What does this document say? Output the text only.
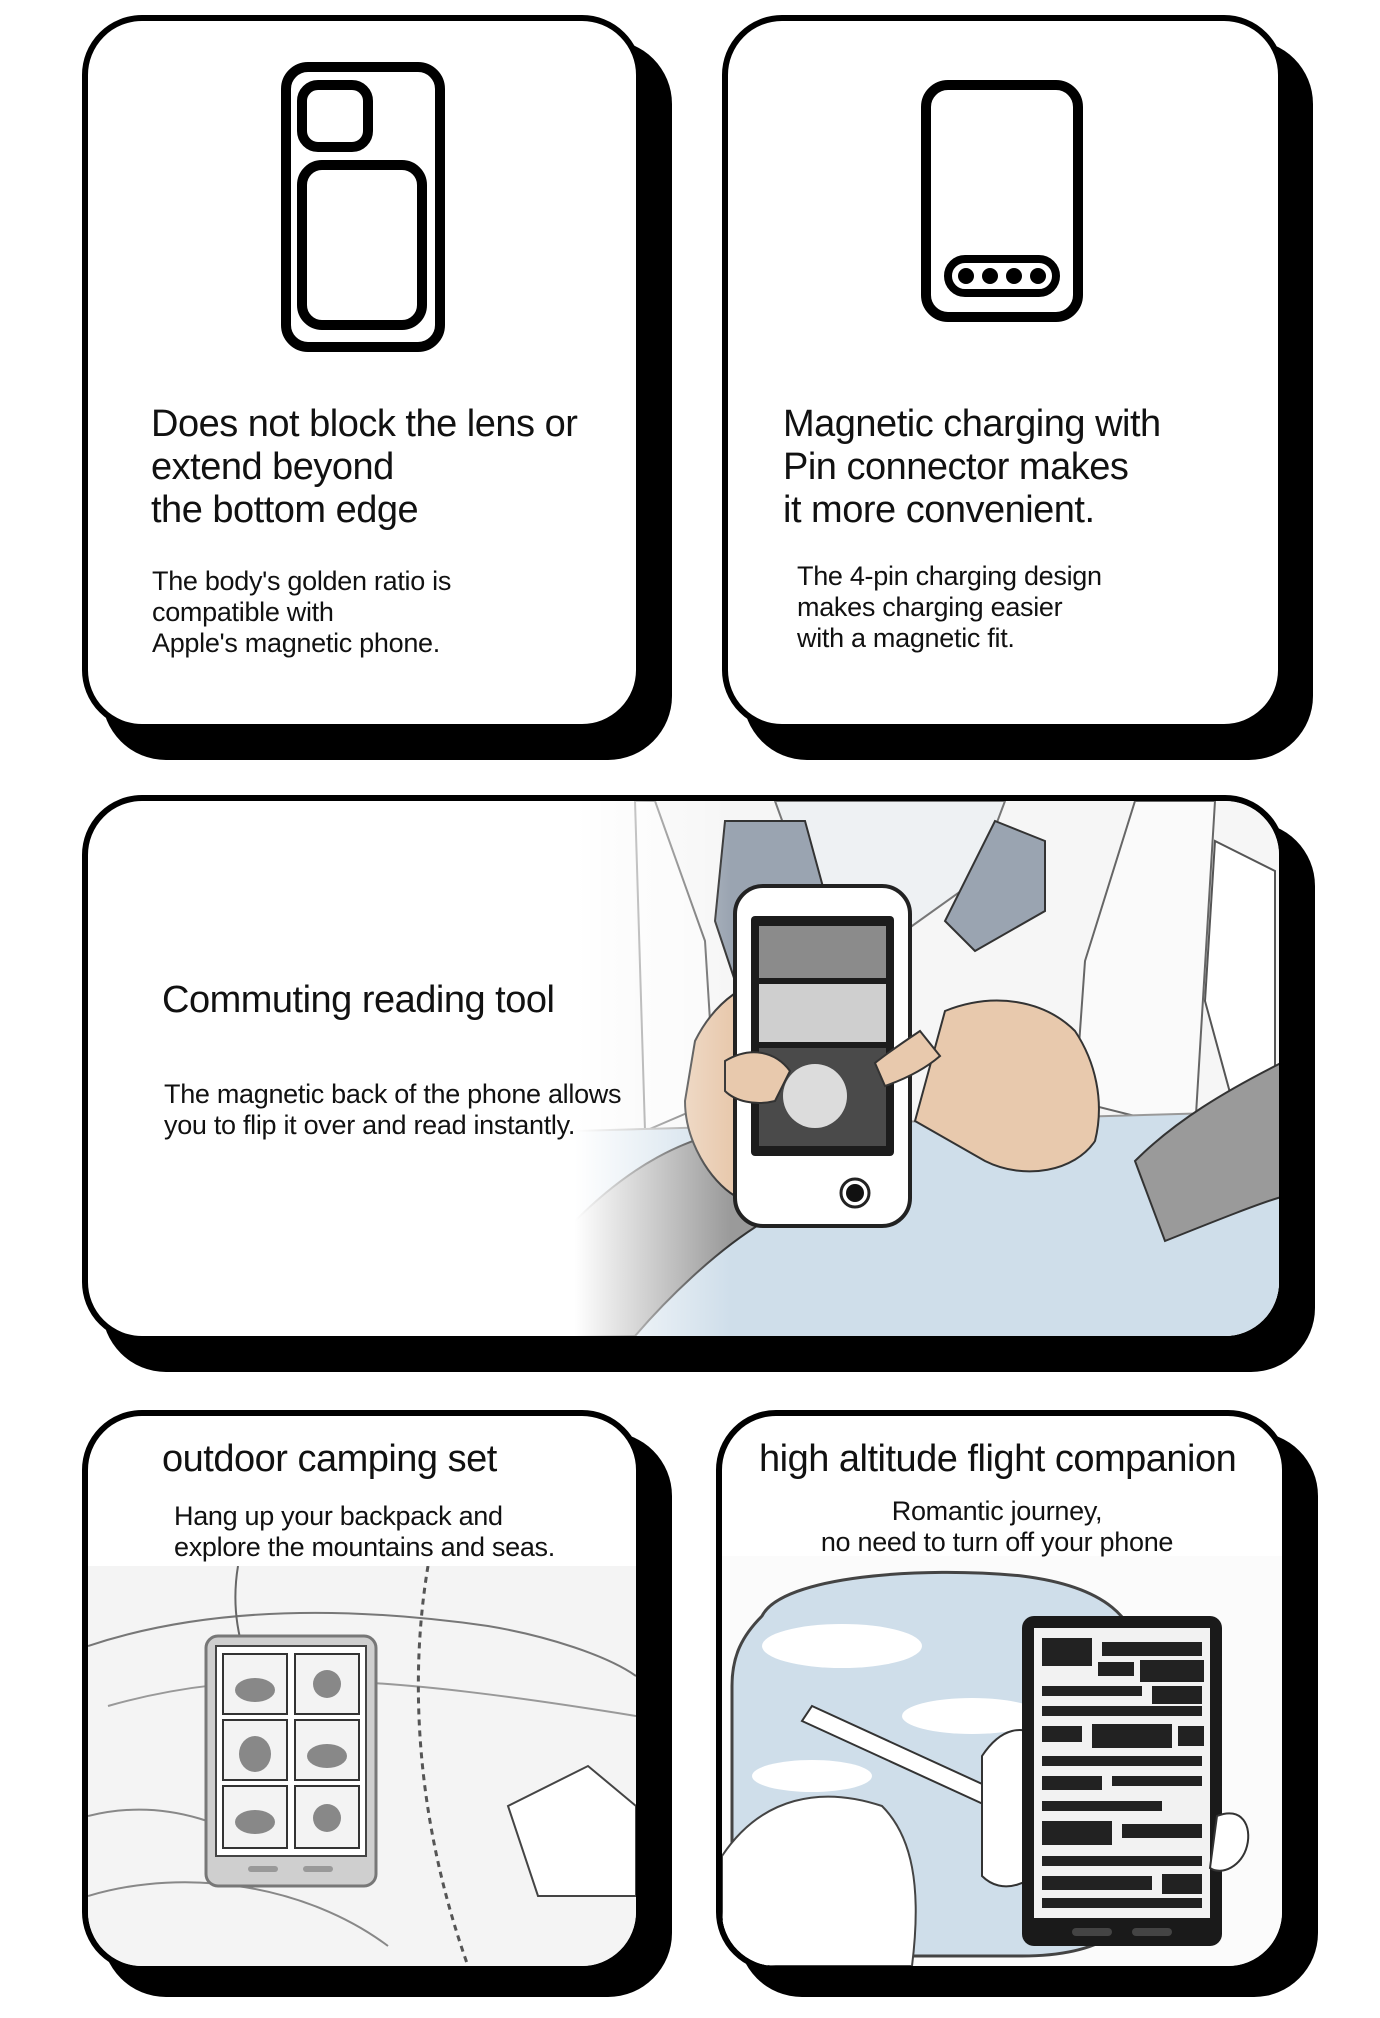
Does not block the lens or
extend beyond
the bottom edge

The body's golden ratio is
compatible with
Apple's magnetic phone.

Magnetic charging with
Pin connector makes
it more convenient.

The 4-pin charging design
makes charging easier
with a magnetic fit.

Commuting reading tool

The magnetic back of the phone allows
you to flip it over and read instantly.

outdoor camping set

Hang up your backpack and
explore the mountains and seas.

high altitude flight companion

Romantic journey,
no need to turn off your phone
